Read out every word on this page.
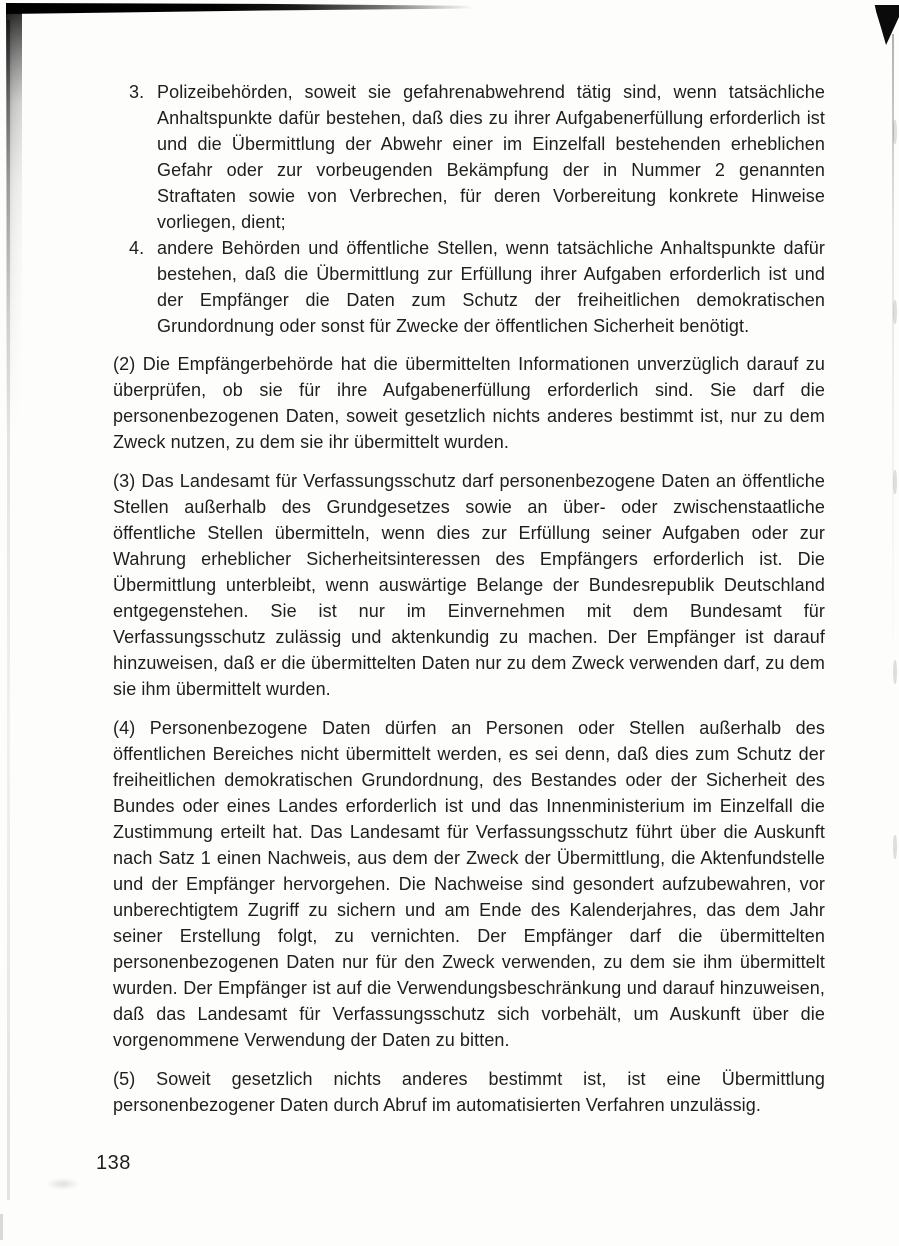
3. Polizeibehörden, soweit sie gefahrenabwehrend tätig sind, wenn tatsächliche Anhaltspunkte dafür bestehen, daß dies zu ihrer Aufgabenerfüllung erforderlich ist und die Übermittlung der Abwehr einer im Einzelfall bestehenden erheblichen Gefahr oder zur vorbeugenden Bekämpfung der in Nummer 2 genannten Straftaten sowie von Verbrechen, für deren Vorbereitung konkrete Hinweise vorliegen, dient;
4. andere Behörden und öffentliche Stellen, wenn tatsächliche Anhaltspunkte dafür bestehen, daß die Übermittlung zur Erfüllung ihrer Aufgaben erforderlich ist und der Empfänger die Daten zum Schutz der freiheitlichen demokratischen Grundordnung oder sonst für Zwecke der öffentlichen Sicherheit benötigt.

(2) Die Empfängerbehörde hat die übermittelten Informationen unverzüglich darauf zu überprüfen, ob sie für ihre Aufgabenerfüllung erforderlich sind. Sie darf die personenbezogenen Daten, soweit gesetzlich nichts anderes bestimmt ist, nur zu dem Zweck nutzen, zu dem sie ihr übermittelt wurden.

(3) Das Landesamt für Verfassungsschutz darf personenbezogene Daten an öffentliche Stellen außerhalb des Grundgesetzes sowie an über- oder zwischenstaatliche öffentliche Stellen übermitteln, wenn dies zur Erfüllung seiner Aufgaben oder zur Wahrung erheblicher Sicherheitsinteressen des Empfängers erforderlich ist. Die Übermittlung unterbleibt, wenn auswärtige Belange der Bundesrepublik Deutschland entgegenstehen. Sie ist nur im Einvernehmen mit dem Bundesamt für Verfassungsschutz zulässig und aktenkundig zu machen. Der Empfänger ist darauf hinzuweisen, daß er die übermittelten Daten nur zu dem Zweck verwenden darf, zu dem sie ihm übermittelt wurden.

(4) Personenbezogene Daten dürfen an Personen oder Stellen außerhalb des öffentlichen Bereiches nicht übermittelt werden, es sei denn, daß dies zum Schutz der freiheitlichen demokratischen Grundordnung, des Bestandes oder der Sicherheit des Bundes oder eines Landes erforderlich ist und das Innenministerium im Einzelfall die Zustimmung erteilt hat. Das Landesamt für Verfassungsschutz führt über die Auskunft nach Satz 1 einen Nachweis, aus dem der Zweck der Übermittlung, die Aktenfundstelle und der Empfänger hervorgehen. Die Nachweise sind gesondert aufzubewahren, vor unberechtigtem Zugriff zu sichern und am Ende des Kalenderjahres, das dem Jahr seiner Erstellung folgt, zu vernichten. Der Empfänger darf die übermittelten personenbezogenen Daten nur für den Zweck verwenden, zu dem sie ihm übermittelt wurden. Der Empfänger ist auf die Verwendungsbeschränkung und darauf hinzuweisen, daß das Landesamt für Verfassungsschutz sich vorbehält, um Auskunft über die vorgenommene Verwendung der Daten zu bitten.

(5) Soweit gesetzlich nichts anderes bestimmt ist, ist eine Übermittlung personenbezogener Daten durch Abruf im automatisierten Verfahren unzulässig.

138
